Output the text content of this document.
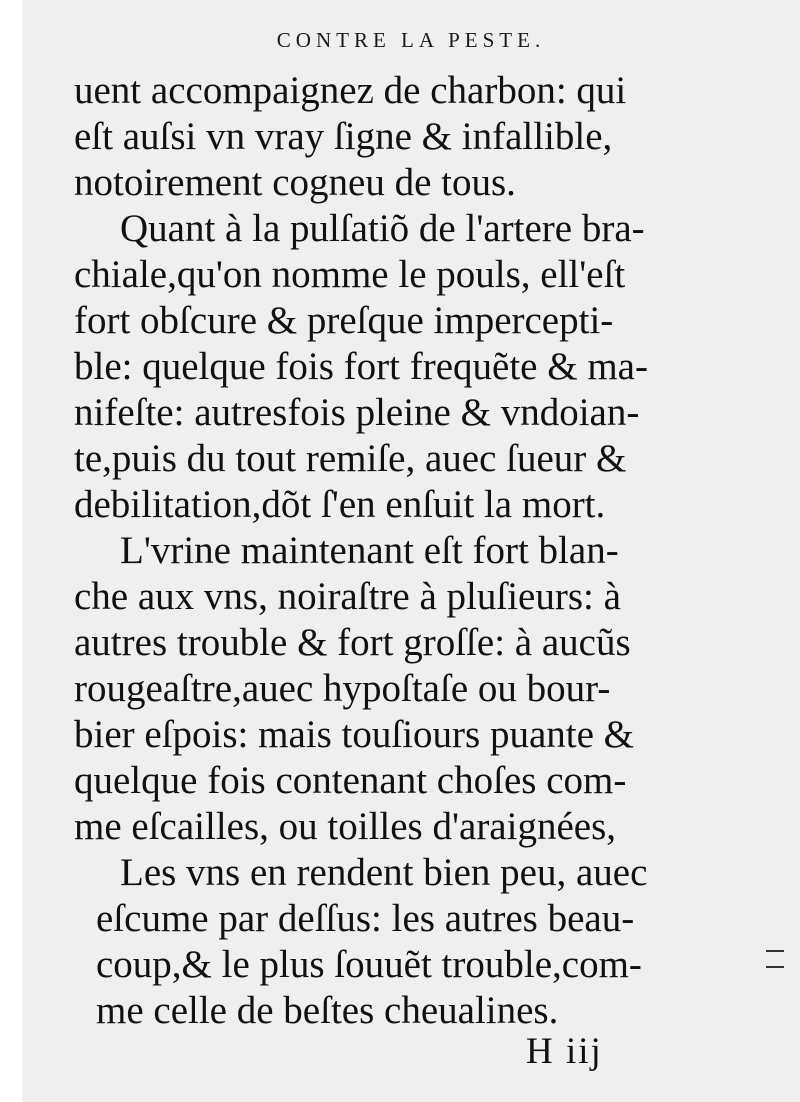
CONTRE LA PESTE.
uent accompaignez de charbon: qui
eſt auſsi vn vray ſigne & infallible,
notoirement cogneu de tous.
Quant à la pulſatiõ de l'artere bra-
chiale,qu'on nomme le pouls, ell'eſt
fort obſcure & preſque impercepti-
ble: quelque fois fort frequẽte & ma-
nifeſte: autresfois pleine & vndoian-
te,puis du tout remiſe, auec ſueur &
debilitation,dõt ſ'en enſuit la mort.
L'vrine maintenant eſt fort blan-
che aux vns, noiraſtre à pluſieurs: à
autres trouble & fort groſſe: à aucũs
rougeaſtre,auec hypoſtaſe ou bour-
bier eſpois: mais touſiours puante &
quelque fois contenant choſes com-
me eſcailles, ou toilles d'araignées,
Les vns en rendent bien peu, auec
eſcume par deſſus: les autres beau-
coup,& le plus ſouuẽt trouble,com-
me celle de beſtes cheualines.
H iij
